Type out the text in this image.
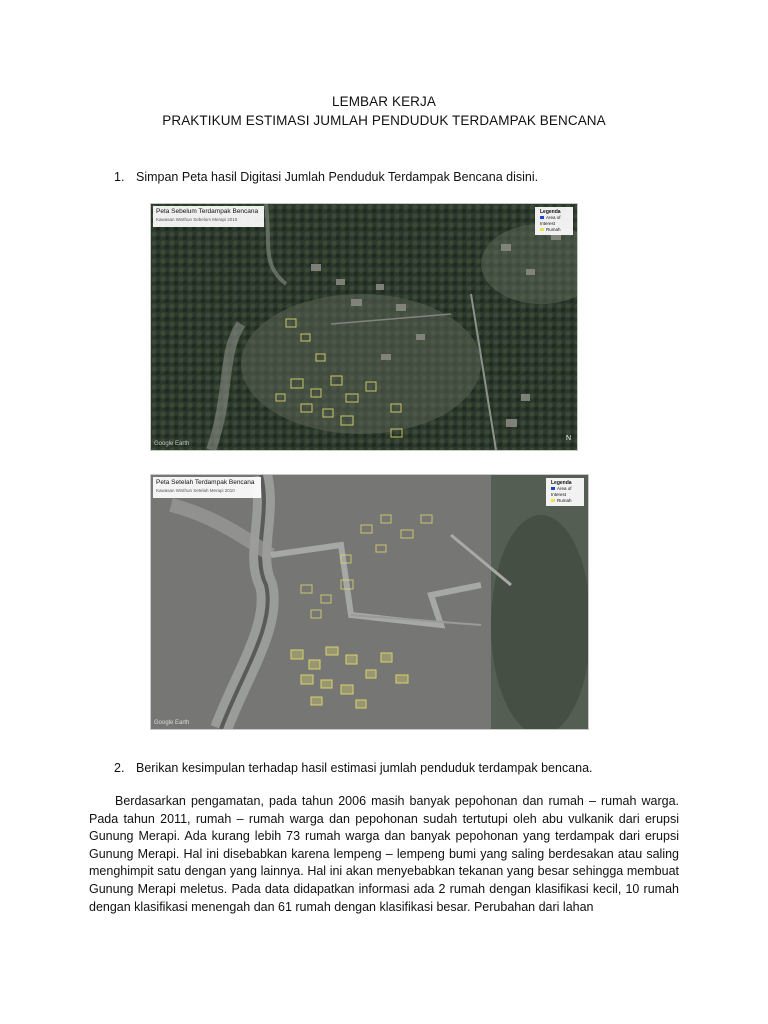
LEMBAR KERJA
PRAKTIKUM ESTIMASI JUMLAH PENDUDUK TERDAMPAK BENCANA
1. Simpan Peta hasil Digitasi Jumlah Penduduk Terdampak Bencana disini.
Peta Sebelum Terdampak Bencana
Kawasan Wisthun Sebelum Merapi 2010
Legenda
Area of Interest
Rumah
Google Earth
N
Peta Setelah Terdampak Bencana
Kawasan Wisthun Setelah Merapi 2010
Legenda
Area of Interest
Rumah
Google Earth
2. Berikan kesimpulan terhadap hasil estimasi jumlah penduduk terdampak bencana.
Berdasarkan pengamatan, pada tahun 2006 masih banyak pepohonan dan rumah – rumah warga. Pada tahun 2011, rumah – rumah warga dan pepohonan sudah tertutupi oleh abu vulkanik dari erupsi Gunung Merapi. Ada kurang lebih 73 rumah warga dan banyak pepohonan yang terdampak dari erupsi Gunung Merapi. Hal ini disebabkan karena lempeng – lempeng bumi yang saling berdesakan atau saling menghimpit satu dengan yang lainnya. Hal ini akan menyebabkan tekanan yang besar sehingga membuat Gunung Merapi meletus. Pada data didapatkan informasi ada 2 rumah dengan klasifikasi kecil, 10 rumah dengan klasifikasi menengah dan 61 rumah dengan klasifikasi besar. Perubahan dari lahan
